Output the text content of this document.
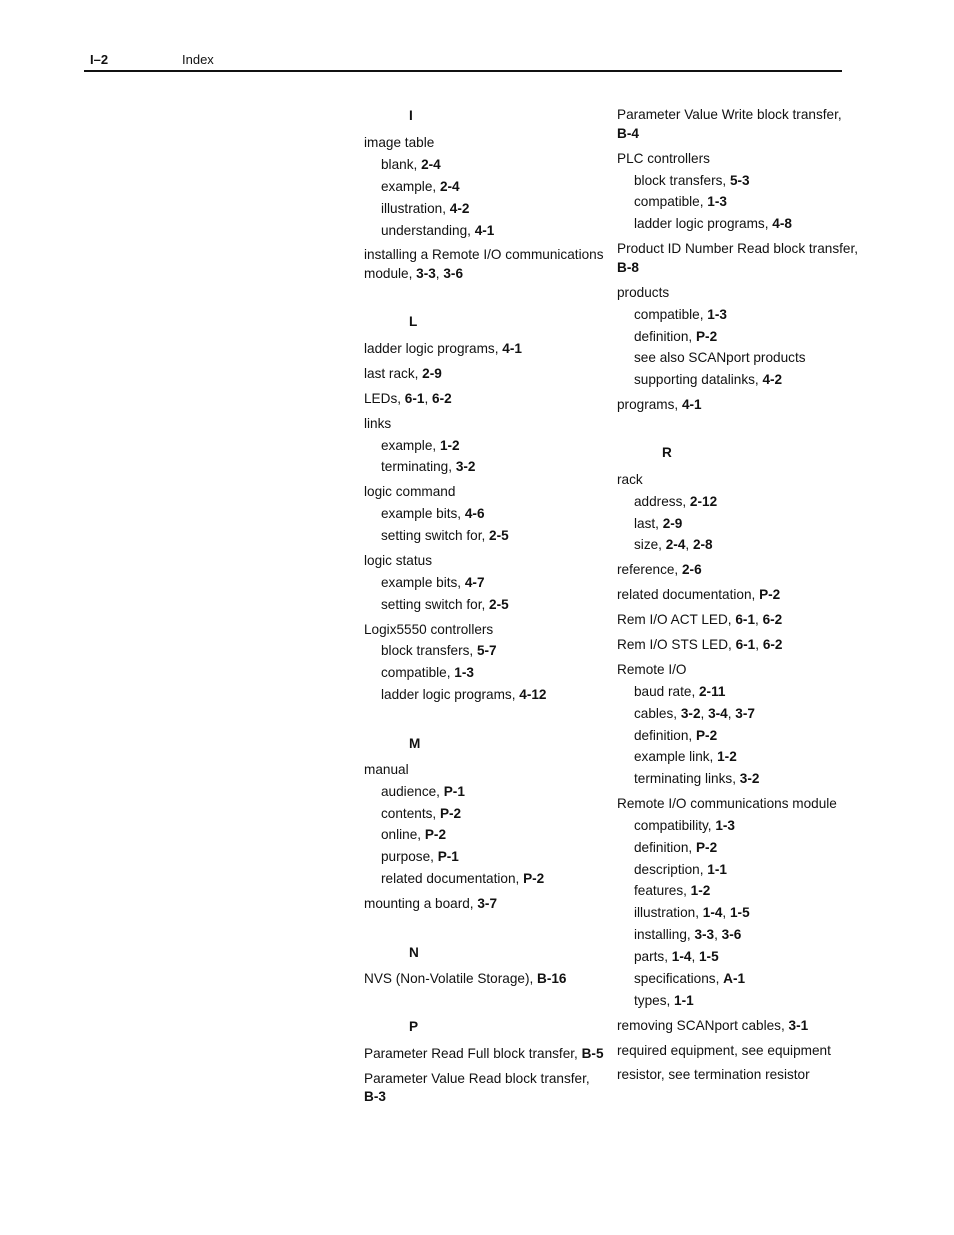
I–2	Index
I
image table
blank, 2-4
example, 2-4
illustration, 4-2
understanding, 4-1
installing a Remote I/O communications
module, 3-3, 3-6
L
ladder logic programs, 4-1
last rack, 2-9
LEDs, 6-1, 6-2
links
example, 1-2
terminating, 3-2
logic command
example bits, 4-6
setting switch for, 2-5
logic status
example bits, 4-7
setting switch for, 2-5
Logix5550 controllers
block transfers, 5-7
compatible, 1-3
ladder logic programs, 4-12
M
manual
audience, P-1
contents, P-2
online, P-2
purpose, P-1
related documentation, P-2
mounting a board, 3-7
N
NVS (Non-Volatile Storage), B-16
P
Parameter Read Full block transfer, B-5
Parameter Value Read block transfer,
B-3
Parameter Value Write block transfer,
B-4
PLC controllers
block transfers, 5-3
compatible, 1-3
ladder logic programs, 4-8
Product ID Number Read block transfer,
B-8
products
compatible, 1-3
definition, P-2
see also SCANport products
supporting datalinks, 4-2
programs, 4-1
R
rack
address, 2-12
last, 2-9
size, 2-4, 2-8
reference, 2-6
related documentation, P-2
Rem I/O ACT LED, 6-1, 6-2
Rem I/O STS LED, 6-1, 6-2
Remote I/O
baud rate, 2-11
cables, 3-2, 3-4, 3-7
definition, P-2
example link, 1-2
terminating links, 3-2
Remote I/O communications module
compatibility, 1-3
definition, P-2
description, 1-1
features, 1-2
illustration, 1-4, 1-5
installing, 3-3, 3-6
parts, 1-4, 1-5
specifications, A-1
types, 1-1
removing SCANport cables, 3-1
required equipment, see equipment
resistor, see termination resistor
